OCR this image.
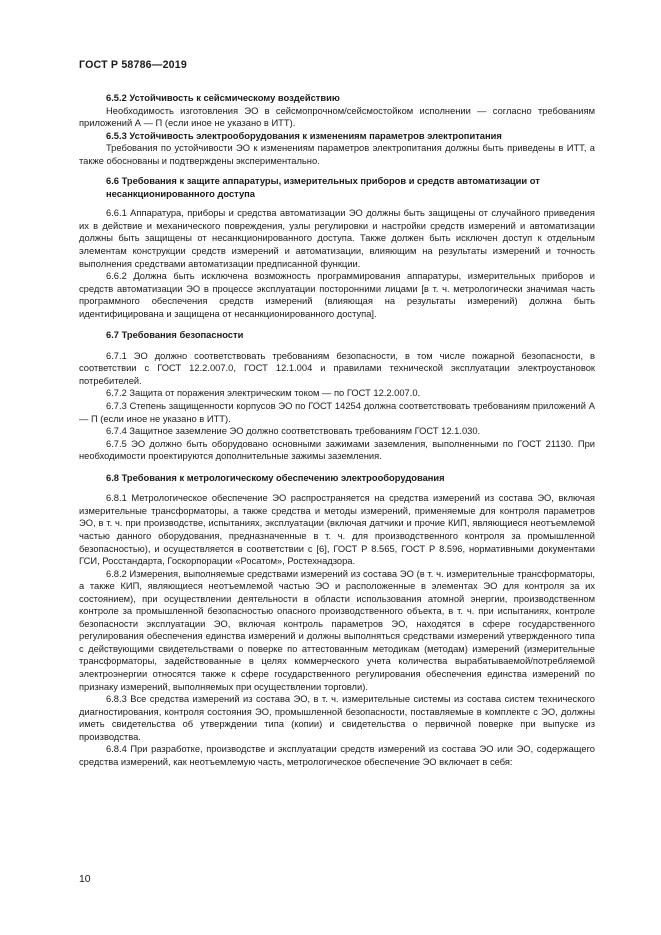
ГОСТ Р 58786—2019

6.5.2 Устойчивость к сейсмическому воздействию

Необходимость изготовления ЭО в сейсмопрочном/сейсмостойком исполнении — согласно требованиям приложений А — П (если иное не указано в ИТТ).

6.5.3 Устойчивость электрооборудования к изменениям параметров электропитания

Требования по устойчивости ЭО к изменениям параметров электропитания должны быть приведены в ИТТ, а также обоснованы и подтверждены экспериментально.

6.6 Требования к защите аппаратуры, измерительных приборов и средств автоматизации от несанкционированного доступа

6.6.1 Аппаратура, приборы и средства автоматизации ЭО должны быть защищены от случайного приведения их в действие и механического повреждения, узлы регулировки и настройки средств измерений и автоматизации должны быть защищены от несанкционированного доступа. Также должен быть исключен доступ к отдельным элементам конструкции средств измерений и автоматизации, влияющим на результаты измерений и точность выполнения средствами автоматизации предписанной функции.

6.6.2 Должна быть исключена возможность программирования аппаратуры, измерительных приборов и средств автоматизации ЭО в процессе эксплуатации посторонними лицами [в т. ч. метрологически значимая часть программного обеспечения средств измерений (влияющая на результаты измерений) должна быть идентифицирована и защищена от несанкционированного доступа].

6.7 Требования безопасности

6.7.1 ЭО должно соответствовать требованиям безопасности, в том числе пожарной безопасности, в соответствии с ГОСТ 12.2.007.0, ГОСТ 12.1.004 и правилами технической эксплуатации электроустановок потребителей.

6.7.2 Защита от поражения электрическим током — по ГОСТ 12.2.007.0.

6.7.3 Степень защищенности корпусов ЭО по ГОСТ 14254 должна соответствовать требованиям приложений А — П (если иное не указано в ИТТ).

6.7.4 Защитное заземление ЭО должно соответствовать требованиям ГОСТ 12.1.030.

6.7.5 ЭО должно быть оборудовано основными зажимами заземления, выполненными по ГОСТ 21130. При необходимости проектируются дополнительные зажимы заземления.

6.8 Требования к метрологическому обеспечению электрооборудования

6.8.1 Метрологическое обеспечение ЭО распространяется на средства измерений из состава ЭО, включая измерительные трансформаторы, а также средства и методы измерений, применяемые для контроля параметров ЭО, в т. ч. при производстве, испытаниях, эксплуатации (включая датчики и прочие КИП, являющиеся неотъемлемой частью данного оборудования, предназначенные в т. ч. для производственного контроля за промышленной безопасностью), и осуществляется в соответствии с [6], ГОСТ Р 8.565, ГОСТ Р 8.596, нормативными документами ГСИ, Росстандарта, Госкорпорации «Росатом», Ростехнадзора.

6.8.2 Измерения, выполняемые средствами измерений из состава ЭО (в т. ч. измерительные трансформаторы, а также КИП, являющиеся неотъемлемой частью ЭО и расположенные в элементах ЭО для контроля за их состоянием), при осуществлении деятельности в области использования атомной энергии, производственном контроле за промышленной безопасностью опасного производственного объекта, в т. ч. при испытаниях, контроле безопасности эксплуатации ЭО, включая контроль параметров ЭО, находятся в сфере государственного регулирования обеспечения единства измерений и должны выполняться средствами измерений утвержденного типа с действующими свидетельствами о поверке по аттестованным методикам (методам) измерений (измерительные трансформаторы, задействованные в целях коммерческого учета количества вырабатываемой/потребляемой электроэнергии относятся также к сфере государственного регулирования обеспечения единства измерений по признаку измерений, выполняемых при осуществлении торговли).

6.8.3 Все средства измерений из состава ЭО, в т. ч. измерительные системы из состава систем технического диагностирования, контроля состояния ЭО, промышленной безопасности, поставляемые в комплекте с ЭО, должны иметь свидетельства об утверждении типа (копии) и свидетельства о первичной поверке при выпуске из производства.

6.8.4 При разработке, производстве и эксплуатации средств измерений из состава ЭО или ЭО, содержащего средства измерений, как неотъемлемую часть, метрологическое обеспечение ЭО включает в себя:

10
